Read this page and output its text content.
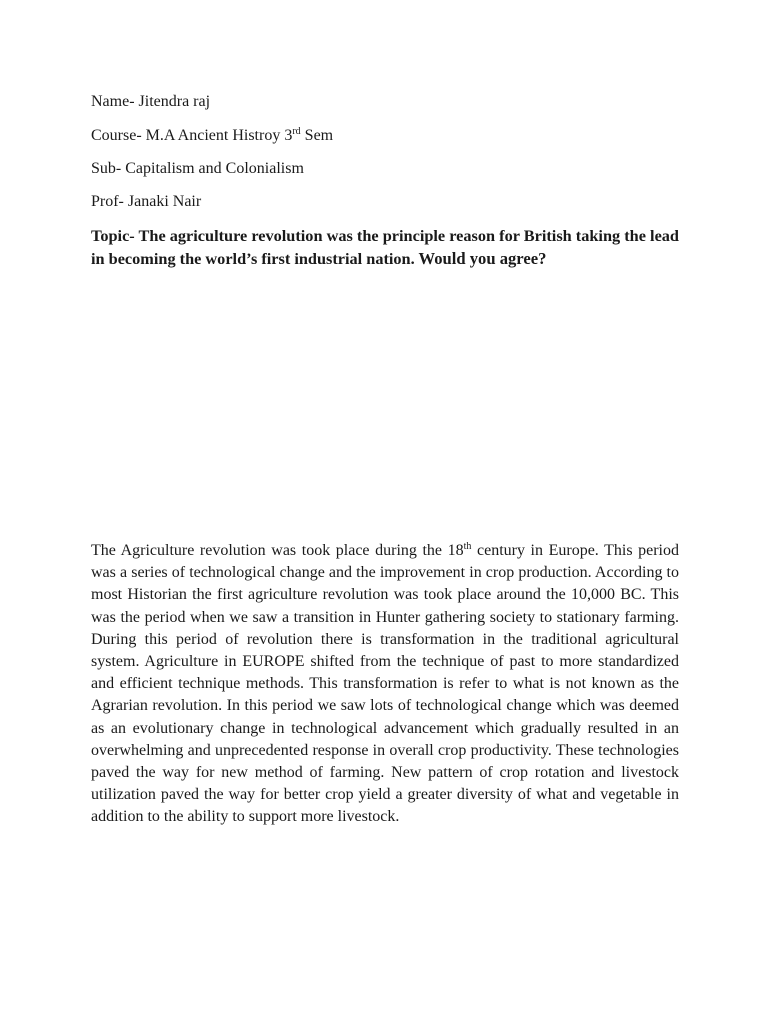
Name- Jitendra raj
Course- M.A Ancient Histroy 3rd Sem
Sub- Capitalism and Colonialism
Prof- Janaki Nair
Topic- The agriculture revolution was the principle reason for British taking the lead in becoming the world’s first industrial nation. Would you agree?
The Agriculture revolution was took place during the 18th century in Europe. This period was a series of technological change and the improvement in crop production. According to most Historian the first agriculture revolution was took place around the 10,000 BC. This was the period when we saw a transition in Hunter gathering society to stationary farming. During this period of revolution there is transformation in the traditional agricultural system. Agriculture in EUROPE shifted from the technique of past to more standardized and efficient technique methods. This transformation is refer to what is not known as the Agrarian revolution. In this period we saw lots of technological change which was deemed as an evolutionary change in technological advancement which gradually resulted in an overwhelming and unprecedented response in overall crop productivity. These technologies paved the way for new method of farming. New pattern of crop rotation and livestock utilization paved the way for better crop yield a greater diversity of what and vegetable in addition to the ability to support more livestock.
